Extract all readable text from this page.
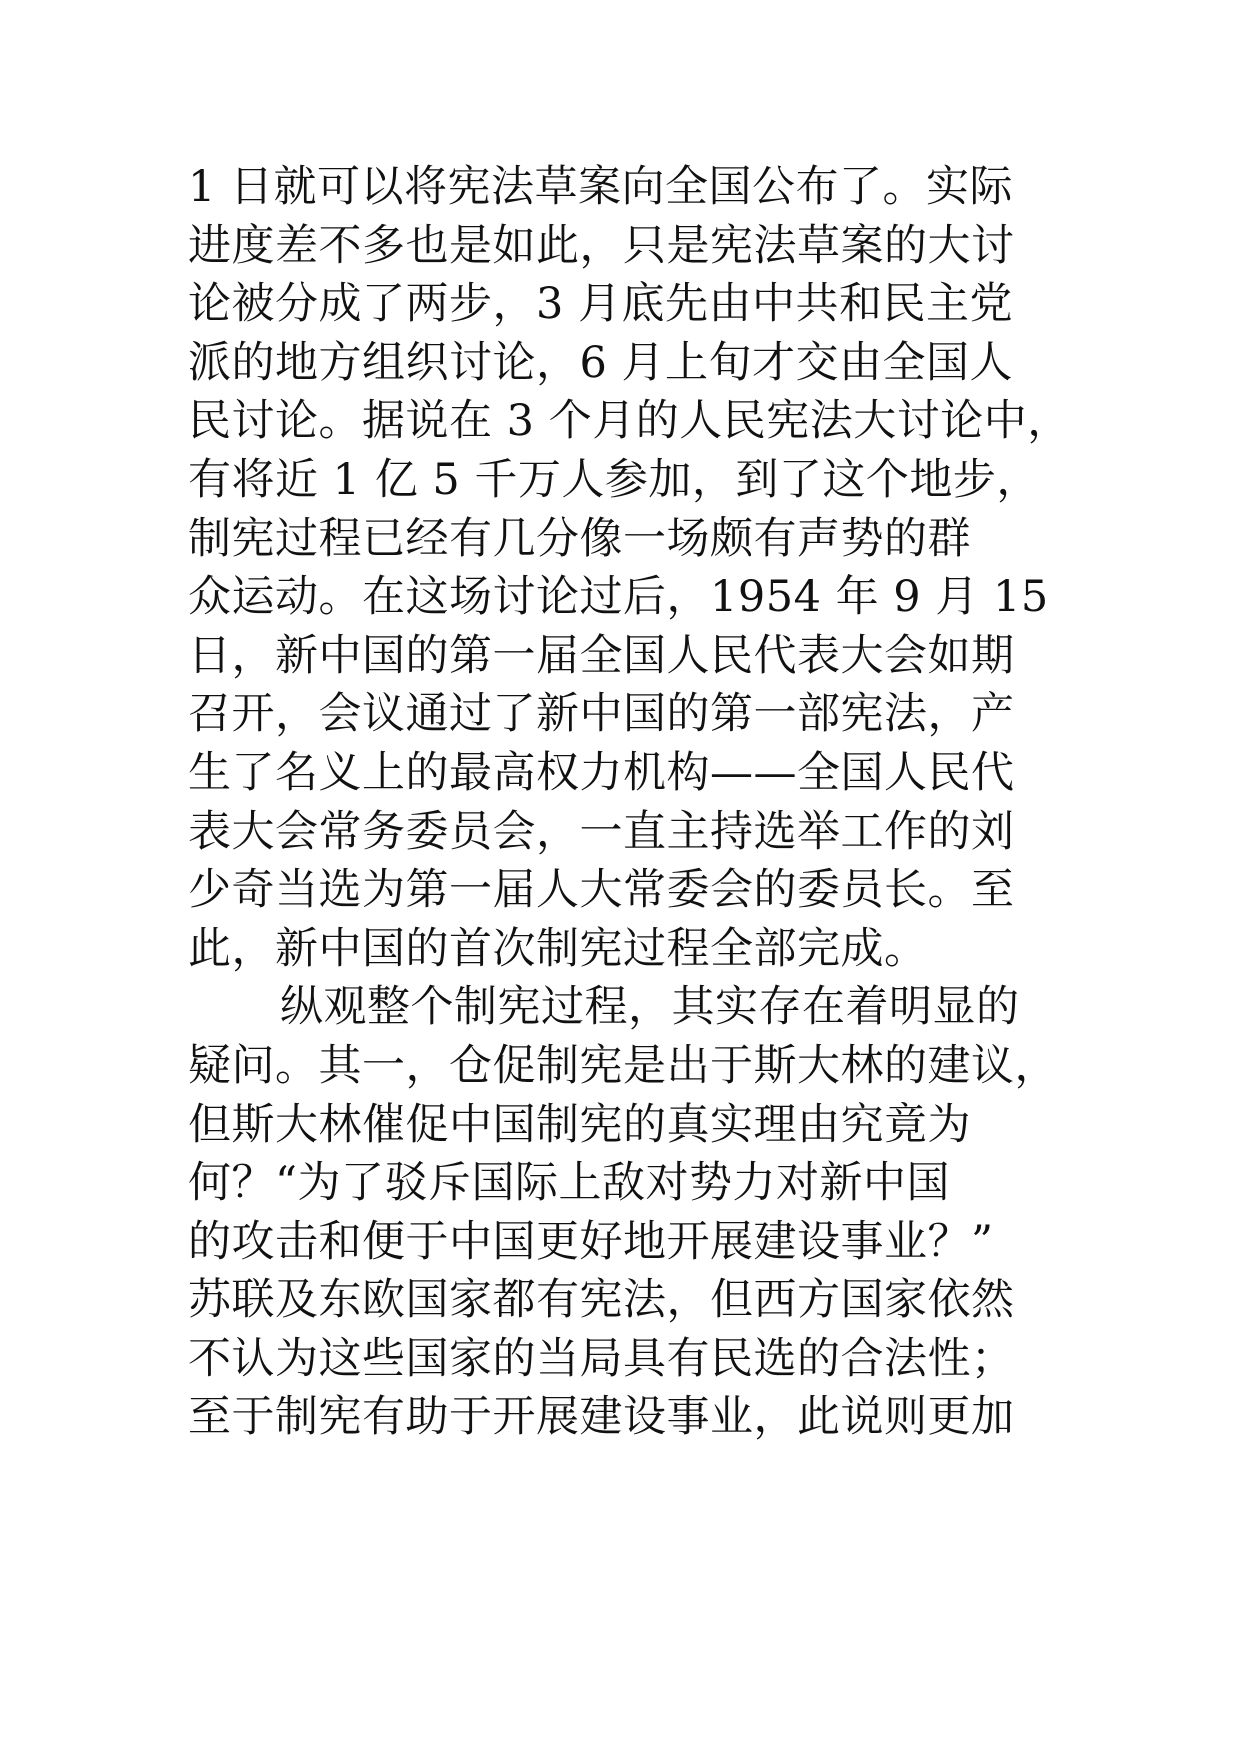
1 日就可以将宪法草案向全国公布了。实际
进度差不多也是如此，只是宪法草案的大讨
论被分成了两步，3 月底先由中共和民主党
派的地方组织讨论，6 月上旬才交由全国人
民讨论。据说在 3 个月的人民宪法大讨论中，
有将近 1 亿 5 千万人参加，到了这个地步，
制宪过程已经有几分像一场颇有声势的群
众运动。在这场讨论过后，1954 年 9 月 15
日，新中国的第一届全国人民代表大会如期
召开，会议通过了新中国的第一部宪法，产
生了名义上的最高权力机构——全国人民代
表大会常务委员会，一直主持选举工作的刘
少奇当选为第一届人大常委会的委员长。至
此，新中国的首次制宪过程全部完成。
纵观整个制宪过程，其实存在着明显的
疑问。其一，仓促制宪是出于斯大林的建议，
但斯大林催促中国制宪的真实理由究竟为
何？“为了驳斥国际上敌对势力对新中国
的攻击和便于中国更好地开展建设事业？”
苏联及东欧国家都有宪法，但西方国家依然
不认为这些国家的当局具有民选的合法性；
至于制宪有助于开展建设事业，此说则更加
